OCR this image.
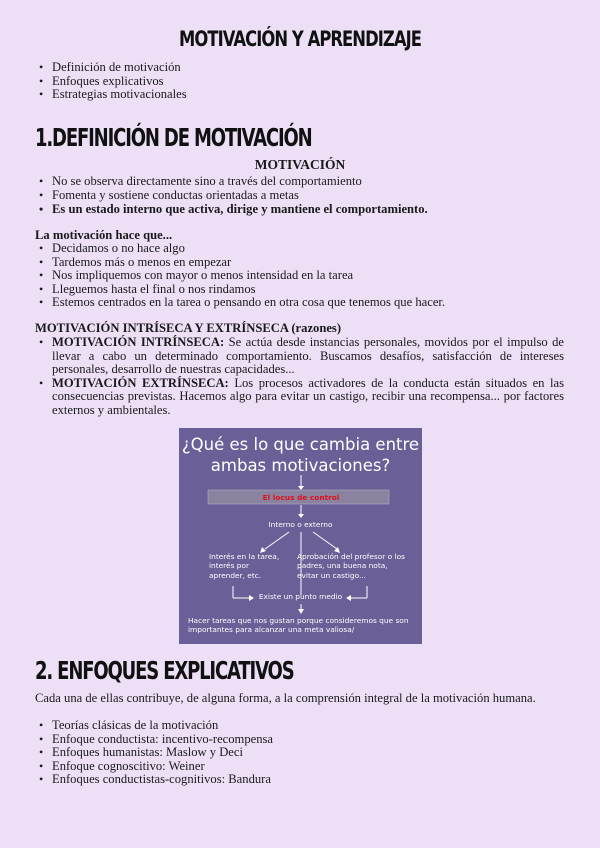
MOTIVACIÓN Y APRENDIZAJE
• Definición de motivación
• Enfoques explicativos
• Estrategias motivacionales
1.DEFINICIÓN DE MOTIVACIÓN
MOTIVACIÓN
• No se observa directamente sino a través del comportamiento
• Fomenta y sostiene conductas orientadas a metas
• Es un estado interno que activa, dirige y mantiene el comportamiento.
La motivación hace que...
• Decidamos o no hace algo
• Tardemos más o menos en empezar
• Nos impliquemos con mayor o menos intensidad en la tarea
• Lleguemos hasta el final o nos rindamos
• Estemos centrados en la tarea o pensando en otra cosa que tenemos que hacer.
MOTIVACIÓN INTRÍSECA Y EXTRÍNSECA (razones)
• MOTIVACIÓN INTRÍNSECA: Se actúa desde instancias personales, movidos por el impulso de llevar a cabo un determinado comportamiento. Buscamos desafíos, satisfacción de intereses personales, desarrollo de nuestras capacidades...
• MOTIVACIÓN EXTRÍNSECA: Los procesos activadores de la conducta están situados en las consecuencias previstas. Hacemos algo para evitar un castigo, recibir una recompensa... por factores externos y ambientales.
¿Qué es lo que cambia entre ambas motivaciones?
El locus de control
Interno o externo
Interés en la tarea, interés por aprender, etc.
Aprobación del profesor o los padres, una buena nota, evitar un castigo...
Existe un punto medio
Hacer tareas que nos gustan porque consideremos que son importantes para alcanzar una meta valiosa/
2. ENFOQUES EXPLICATIVOS
Cada una de ellas contribuye, de alguna forma, a la comprensión integral de la motivación humana.
• Teorías clásicas de la motivación
• Enfoque conductista: incentivo-recompensa
• Enfoques humanistas: Maslow y Deci
• Enfoque cognoscitivo: Weiner
• Enfoques conductistas-cognitivos: Bandura
